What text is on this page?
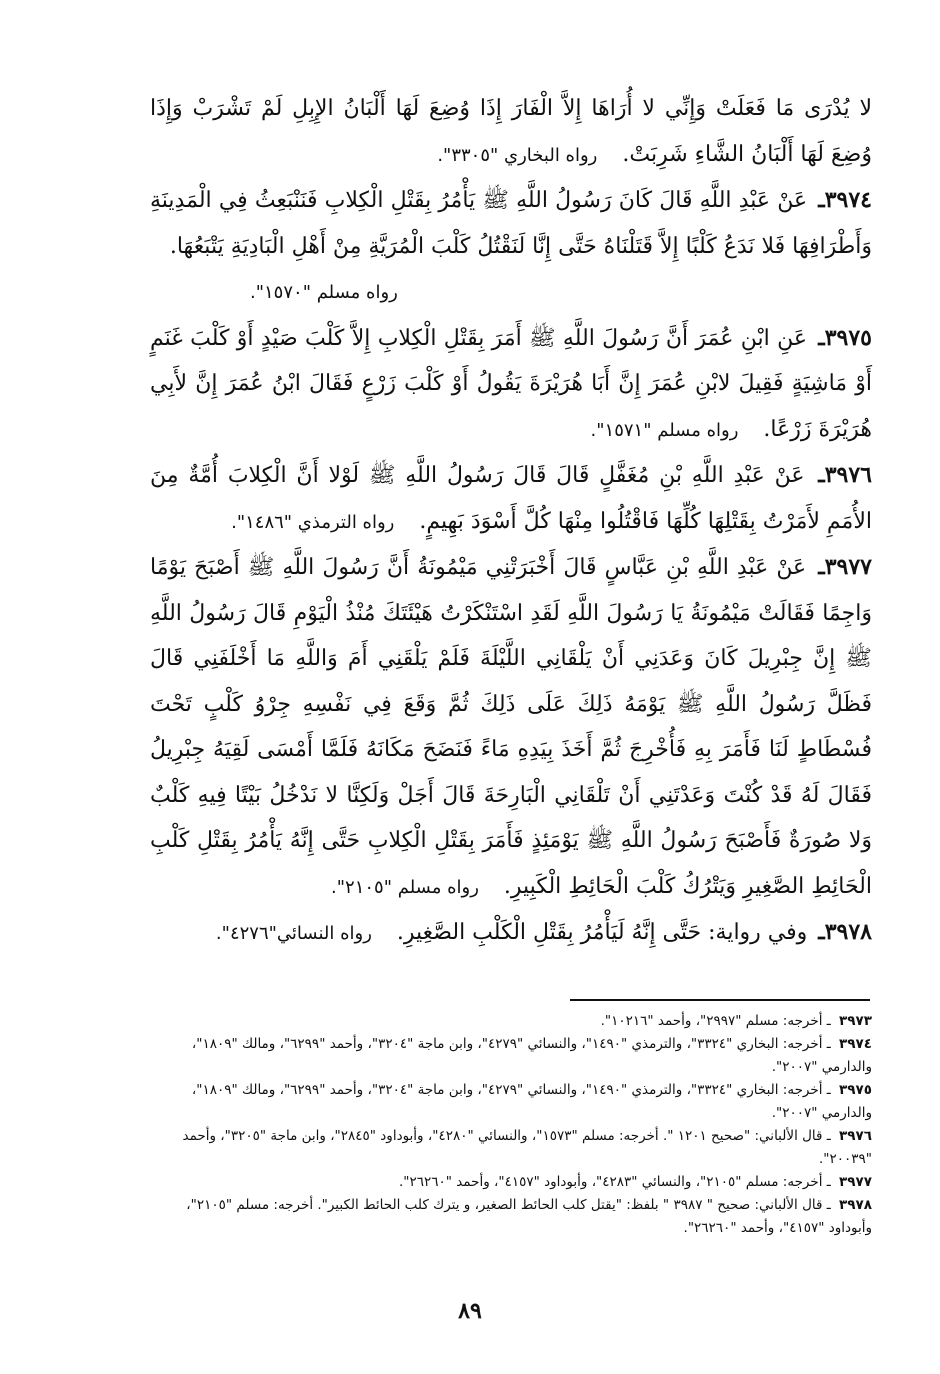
لا يُدْرَى مَا فَعَلَتْ وَإِنِّي لا أُرَاهَا إِلاَّ الْفَارَ إِذَا وُضِعَ لَهَا أَلْبَانُ الإِبِلِ لَمْ تَشْرَبْ وَإِذَا وُضِعَ لَهَا أَلْبَانُ الشَّاءِ شَرِبَتْ. رواه البخاري "٣٣٠٥".

٣٩٧٤ـ عَنْ عَبْدِ اللَّهِ قَالَ كَانَ رَسُولُ اللَّهِ ﷺ يَأْمُرُ بِقَتْلِ الْكِلابِ فَنَنْبَعِثُ فِي الْمَدِينَةِ وَأَطْرَافِهَا فَلا نَدَعُ كَلْبًا إِلاَّ قَتَلْنَاهُ حَتَّى إِنَّا لَنَقْتُلُ كَلْبَ الْمُرَيَّةِ مِنْ أَهْلِ الْبَادِيَةِ يَتْبَعُهَا.
رواه مسلم "١٥٧٠".

٣٩٧٥ـ عَنِ ابْنِ عُمَرَ أَنَّ رَسُولَ اللَّهِ ﷺ أَمَرَ بِقَتْلِ الْكِلابِ إِلاَّ كَلْبَ صَيْدٍ أَوْ كَلْبَ غَنَمٍ أَوْ مَاشِيَةٍ فَقِيلَ لابْنِ عُمَرَ إِنَّ أَبَا هُرَيْرَةَ يَقُولُ أَوْ كَلْبَ زَرْعٍ فَقَالَ ابْنُ عُمَرَ إِنَّ لأَبِي هُرَيْرَةَ زَرْعًا. رواه مسلم "١٥٧١".

٣٩٧٦ـ عَنْ عَبْدِ اللَّهِ بْنِ مُغَفَّلٍ قَالَ قَالَ رَسُولُ اللَّهِ ﷺ لَوْلا أَنَّ الْكِلابَ أُمَّةٌ مِنَ الأُمَمِ لأَمَرْتُ بِقَتْلِهَا كُلِّهَا فَاقْتُلُوا مِنْهَا كُلَّ أَسْوَدَ بَهِيمٍ. رواه الترمذي "١٤٨٦".

٣٩٧٧ـ عَنْ عَبْدِ اللَّهِ بْنِ عَبَّاسٍ قَالَ أَخْبَرَتْنِي مَيْمُونَةُ أَنَّ رَسُولَ اللَّهِ ﷺ أَصْبَحَ يَوْمًا وَاجِمًا فَقَالَتْ مَيْمُونَةُ يَا رَسُولَ اللَّهِ لَقَدِ اسْتَنْكَرْتُ هَيْئَتَكَ مُنْذُ الْيَوْمِ قَالَ رَسُولُ اللَّهِ ﷺ إِنَّ جِبْرِيلَ كَانَ وَعَدَنِي أَنْ يَلْقَانِي اللَّيْلَةَ فَلَمْ يَلْقَنِي أَمَ وَاللَّهِ مَا أَخْلَفَنِي قَالَ فَظَلَّ رَسُولُ اللَّهِ ﷺ يَوْمَهُ ذَلِكَ عَلَى ذَلِكَ ثُمَّ وَقَعَ فِي نَفْسِهِ جِرْوُ كَلْبٍ تَحْتَ فُسْطَاطٍ لَنَا فَأَمَرَ بِهِ فَأُخْرِجَ ثُمَّ أَخَذَ بِيَدِهِ مَاءً فَنَضَحَ مَكَانَهُ فَلَمَّا أَمْسَى لَقِيَهُ جِبْرِيلُ فَقَالَ لَهُ قَدْ كُنْتَ وَعَدْتَنِي أَنْ تَلْقَانِي الْبَارِحَةَ قَالَ أَجَلْ وَلَكِنَّا لا نَدْخُلُ بَيْتًا فِيهِ كَلْبٌ وَلا صُورَةٌ فَأَصْبَحَ رَسُولُ اللَّهِ ﷺ يَوْمَئِذٍ فَأَمَرَ بِقَتْلِ الْكِلابِ حَتَّى إِنَّهُ يَأْمُرُ بِقَتْلِ كَلْبِ الْحَائِطِ الصَّغِيرِ وَيَتْرُكُ كَلْبَ الْحَائِطِ الْكَبِيرِ. رواه مسلم "٢١٠٥".

٣٩٧٨ـ وفي رواية: حَتَّى إِنَّهُ لَيَأْمُرُ بِقَتْلِ الْكَلْبِ الصَّغِيرِ. رواه النسائي"٤٢٧٦".

٣٩٧٣ ـ أخرجه: مسلم "٢٩٩٧"، وأحمد "١٠٢١٦".

٣٩٧٤ ـ أخرجه: البخاري "٣٣٢٤"، والترمذي "١٤٩٠"، والنسائي "٤٢٧٩"، وابن ماجة "٣٢٠٤"، وأحمد "٦٢٩٩"، ومالك "١٨٠٩"، والدارمي "٢٠٠٧".

٣٩٧٥ ـ أخرجه: البخاري "٣٣٢٤"، والترمذي "١٤٩٠"، والنسائي "٤٢٧٩"، وابن ماجة "٣٢٠٤"، وأحمد "٦٢٩٩"، ومالك "١٨٠٩"، والدارمي "٢٠٠٧".

٣٩٧٦ ـ قال الألباني: "صحيح ١٢٠١ ". أخرجه: مسلم "١٥٧٣"، والنسائي "٤٢٨٠"، وأبوداود "٢٨٤٥"، وابن ماجة "٣٢٠٥"، وأحمد "٢٠٠٣٩".

٣٩٧٧ ـ أخرجه: مسلم "٢١٠٥"، والنسائي "٤٢٨٣"، وأبوداود "٤١٥٧"، وأحمد "٢٦٢٦٠".

٣٩٧٨ ـ قال الألباني: صحيح " ٣٩٨٧ " بلفظ: "يقتل كلب الحائط الصغير، و يترك كلب الحائط الكبير". أخرجه: مسلم "٢١٠٥"، وأبوداود "٤١٥٧"، وأحمد "٢٦٢٦٠".

٨٩
